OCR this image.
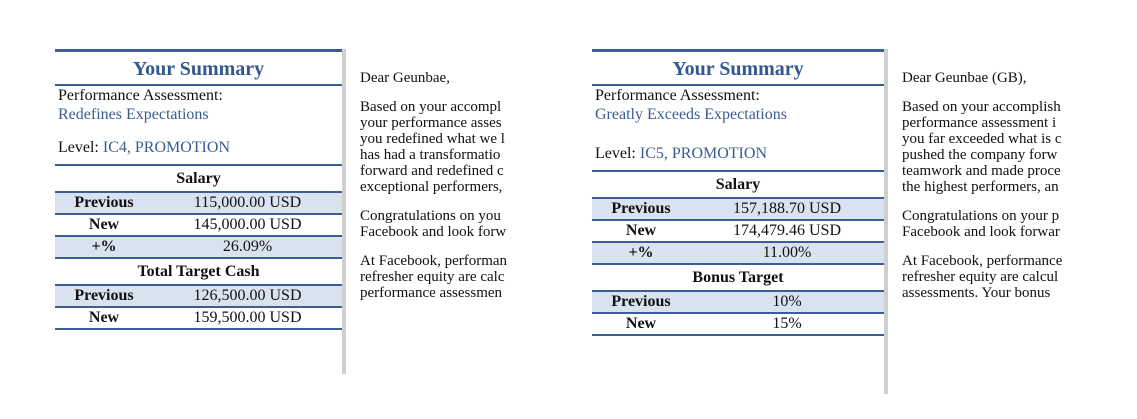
Your Summary
Performance Assessment:
Redefines Expectations
Level: IC4, PROMOTION
Salary
Previous	115,000.00 USD
New	145,000.00 USD
+%	26.09%
Total Target Cash
Previous	126,500.00 USD
New	159,500.00 USD

Dear Geunbae,

Based on your accompl

your performance asses

you redefined what we l

has had a transformatio

forward and redefined c

exceptional performers,

Congratulations on you

Facebook and look forw

At Facebook, performan

refresher equity are calc

performance assessmen

Your Summary
Performance Assessment:
Greatly Exceeds Expectations
Level: IC5, PROMOTION
Salary
Previous	157,188.70 USD
New	174,479.46 USD
+%	11.00%
Bonus Target
Previous	10%
New	15%

Dear Geunbae (GB),

Based on your accomplish

performance assessment i

you far exceeded what is c

pushed the company forw

teamwork and made proce

the highest performers, an

Congratulations on your p

Facebook and look forwar

At Facebook, performance

refresher equity are calcul

assessments. Your bonus
